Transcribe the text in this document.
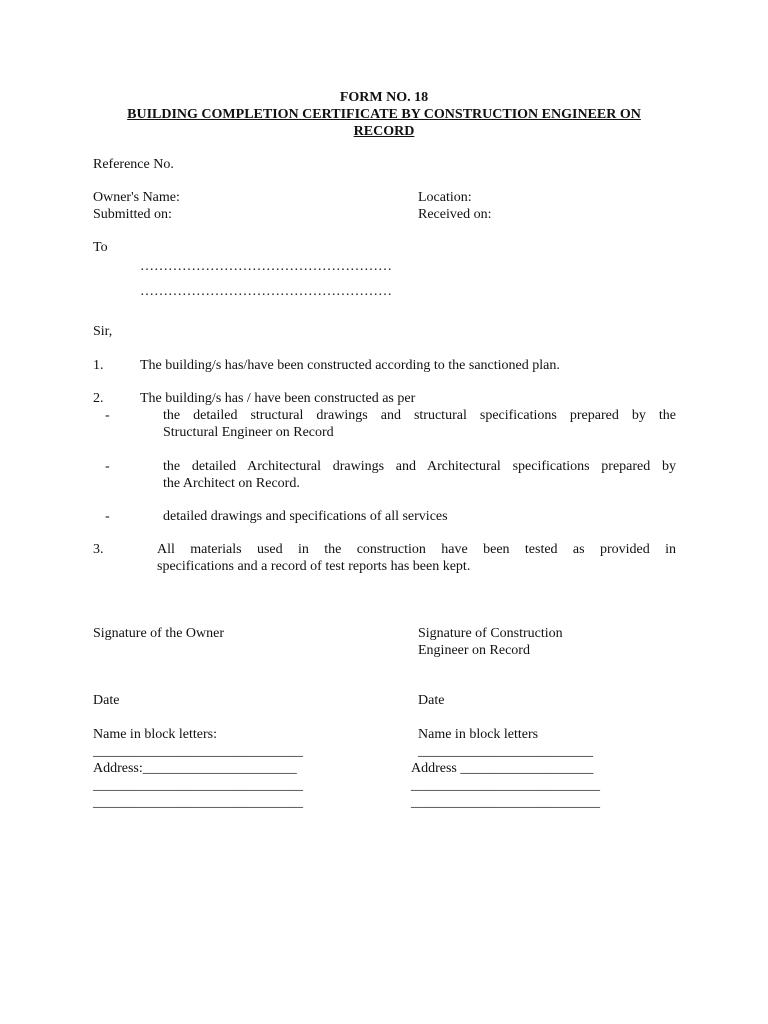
FORM NO. 18
BUILDING COMPLETION CERTIFICATE BY CONSTRUCTION ENGINEER ON
RECORD
Reference No.
Owner's Name:	Location:
Submitted on:	Received on:
To
………………………………………………
………………………………………………
Sir,
1.	The building/s has/have been constructed according to the sanctioned plan.
2.	The building/s has / have been constructed as per
-	the detailed structural drawings and structural specifications prepared by the
Structural Engineer on Record
-	the detailed Architectural drawings and Architectural specifications prepared by
the Architect on Record.
-	detailed drawings and specifications of all services
3.	All materials used in the construction have been tested as provided in
specifications and a record of test reports has been kept.
Signature of the Owner	Signature of Construction
Engineer on Record
Date	Date
Name in block letters:	Name in block letters
______________________________	_________________________
Address:______________________	Address ___________________
______________________________	___________________________
______________________________	___________________________
